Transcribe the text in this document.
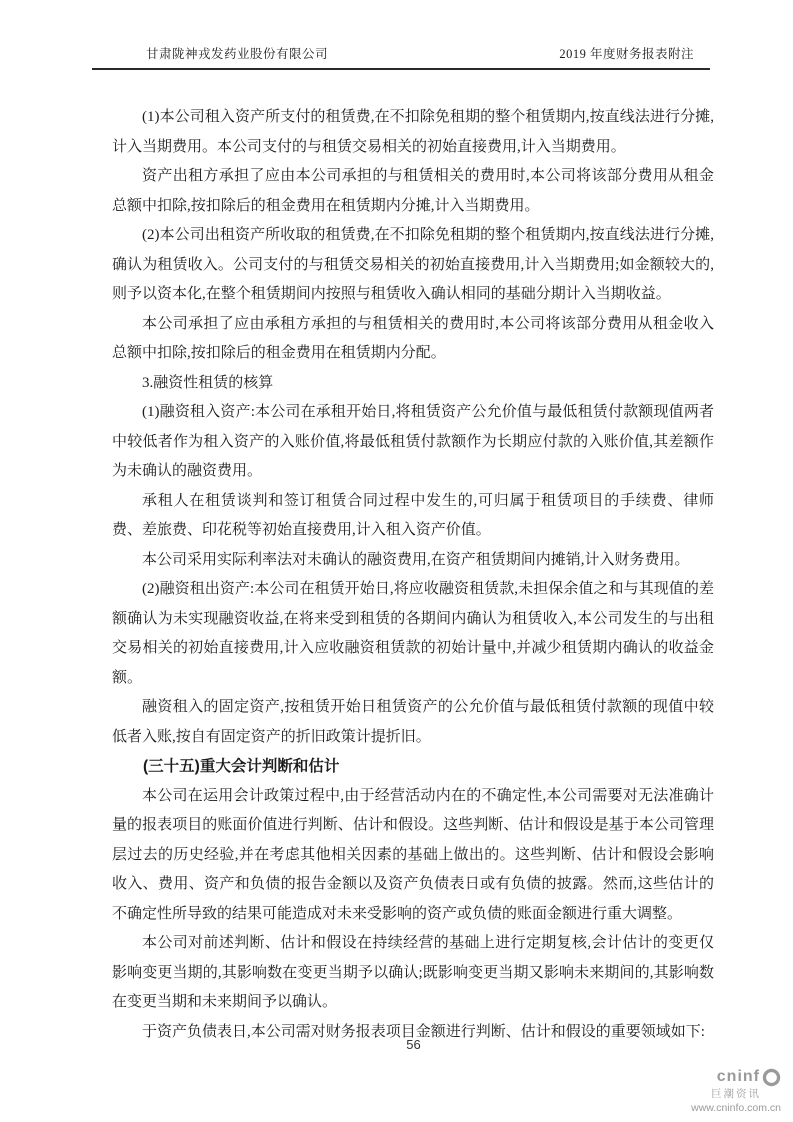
甘肃陇神戎发药业股份有限公司	2019 年度财务报表附注

(1)本公司租入资产所支付的租赁费,在不扣除免租期的整个租赁期内,按直线法进行分摊,计入当期费用。本公司支付的与租赁交易相关的初始直接费用,计入当期费用。

资产出租方承担了应由本公司承担的与租赁相关的费用时,本公司将该部分费用从租金总额中扣除,按扣除后的租金费用在租赁期内分摊,计入当期费用。

(2)本公司出租资产所收取的租赁费,在不扣除免租期的整个租赁期内,按直线法进行分摊,确认为租赁收入。公司支付的与租赁交易相关的初始直接费用,计入当期费用;如金额较大的,则予以资本化,在整个租赁期间内按照与租赁收入确认相同的基础分期计入当期收益。

本公司承担了应由承租方承担的与租赁相关的费用时,本公司将该部分费用从租金收入总额中扣除,按扣除后的租金费用在租赁期内分配。

3.融资性租赁的核算

(1)融资租入资产:本公司在承租开始日,将租赁资产公允价值与最低租赁付款额现值两者中较低者作为租入资产的入账价值,将最低租赁付款额作为长期应付款的入账价值,其差额作为未确认的融资费用。

承租人在租赁谈判和签订租赁合同过程中发生的,可归属于租赁项目的手续费、律师费、差旅费、印花税等初始直接费用,计入租入资产价值。

本公司采用实际利率法对未确认的融资费用,在资产租赁期间内摊销,计入财务费用。

(2)融资租出资产:本公司在租赁开始日,将应收融资租赁款,未担保余值之和与其现值的差额确认为未实现融资收益,在将来受到租赁的各期间内确认为租赁收入,本公司发生的与出租交易相关的初始直接费用,计入应收融资租赁款的初始计量中,并减少租赁期内确认的收益金额。

融资租入的固定资产,按租赁开始日租赁资产的公允价值与最低租赁付款额的现值中较低者入账,按自有固定资产的折旧政策计提折旧。

(三十五)重大会计判断和估计

本公司在运用会计政策过程中,由于经营活动内在的不确定性,本公司需要对无法准确计量的报表项目的账面价值进行判断、估计和假设。这些判断、估计和假设是基于本公司管理层过去的历史经验,并在考虑其他相关因素的基础上做出的。这些判断、估计和假设会影响收入、费用、资产和负债的报告金额以及资产负债表日或有负债的披露。然而,这些估计的不确定性所导致的结果可能造成对未来受影响的资产或负债的账面金额进行重大调整。

本公司对前述判断、估计和假设在持续经营的基础上进行定期复核,会计估计的变更仅影响变更当期的,其影响数在变更当期予以确认;既影响变更当期又影响未来期间的,其影响数在变更当期和未来期间予以确认。

于资产负债表日,本公司需对财务报表项目金额进行判断、估计和假设的重要领域如下:

56
cninf
巨潮资讯
www.cninfo.com.cn
